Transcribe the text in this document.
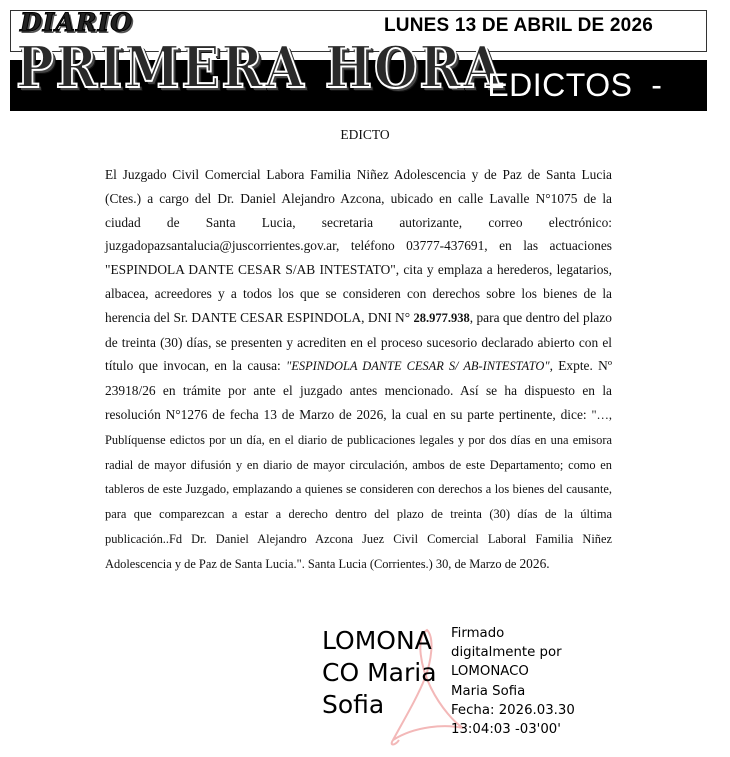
DIARIO
PRIMERA HORA
LUNES 13 DE ABRIL DE 2026
-   EDICTOS  -
EDICTO
El Juzgado Civil Comercial Labora Familia Niñez Adolescencia y de Paz de Santa Lucia (Ctes.) a cargo del Dr. Daniel Alejandro Azcona, ubicado en calle Lavalle N°1075 de la ciudad de Santa Lucia, secretaria autorizante, correo electrónico: juzgadopazsantalucia@juscorrientes.gov.ar, teléfono 03777-437691, en las actuaciones "ESPINDOLA DANTE CESAR S/AB INTESTATO", cita y emplaza a herederos, legatarios, albacea, acreedores y a todos los que se consideren con derechos sobre los bienes de la herencia del Sr. DANTE CESAR ESPINDOLA, DNI N° 28.977.938, para que dentro del plazo de treinta (30) días, se presenten y acrediten en el proceso sucesorio declarado abierto con el título que invocan, en la causa: "ESPINDOLA DANTE CESAR S/ AB-INTESTATO", Expte. Nº 23918/26 en trámite por ante el juzgado antes mencionado. Así se ha dispuesto en la resolución N°1276 de fecha 13 de Marzo de 2026, la cual en su parte pertinente, dice: "…, Publíquense edictos por un día, en el diario de publicaciones legales y por dos días en una emisora radial de mayor difusión y en diario de mayor circulación, ambos de este Departamento; como en tableros de este Juzgado, emplazando a quienes se consideren con derechos a los bienes del causante, para que comparezcan a estar a derecho dentro del plazo de treinta (30) días de la última publicación..Fd Dr. Daniel Alejandro Azcona Juez Civil Comercial Laboral Familia Niñez Adolescencia y de Paz de Santa Lucia.". Santa Lucia (Corrientes.) 30, de Marzo de 2026.
LOMONA
CO Maria
Sofia
Firmado
digitalmente por
LOMONACO
Maria Sofia
Fecha: 2026.03.30
13:04:03 -03'00'
